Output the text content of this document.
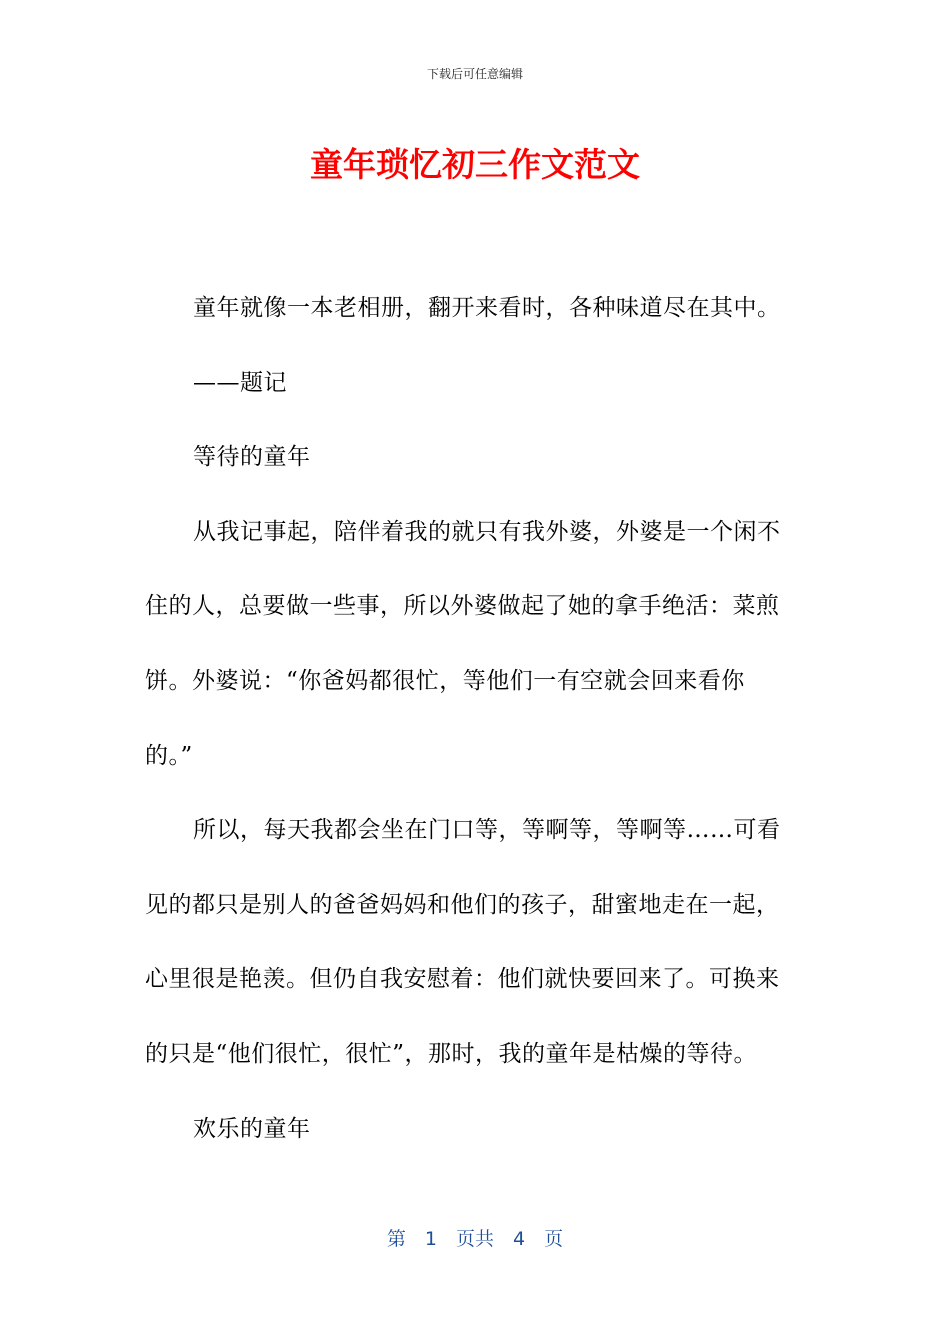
下载后可任意编辑
童年琐忆初三作文范文
童年就像一本老相册，翻开来看时，各种味道尽在其中。
——题记
等待的童年
从我记事起，陪伴着我的就只有我外婆，外婆是一个闲不
住的人，总要做一些事，所以外婆做起了她的拿手绝活：菜煎
饼。外婆说：“你爸妈都很忙，等他们一有空就会回来看你
的。”
所以，每天我都会坐在门口等，等啊等，等啊等……可看
见的都只是别人的爸爸妈妈和他们的孩子，甜蜜地走在一起，
心里很是艳羡。但仍自我安慰着：他们就快要回来了。可换来
的只是“他们很忙，很忙”，那时，我的童年是枯燥的等待。
欢乐的童年
第　1　页共　4　页
